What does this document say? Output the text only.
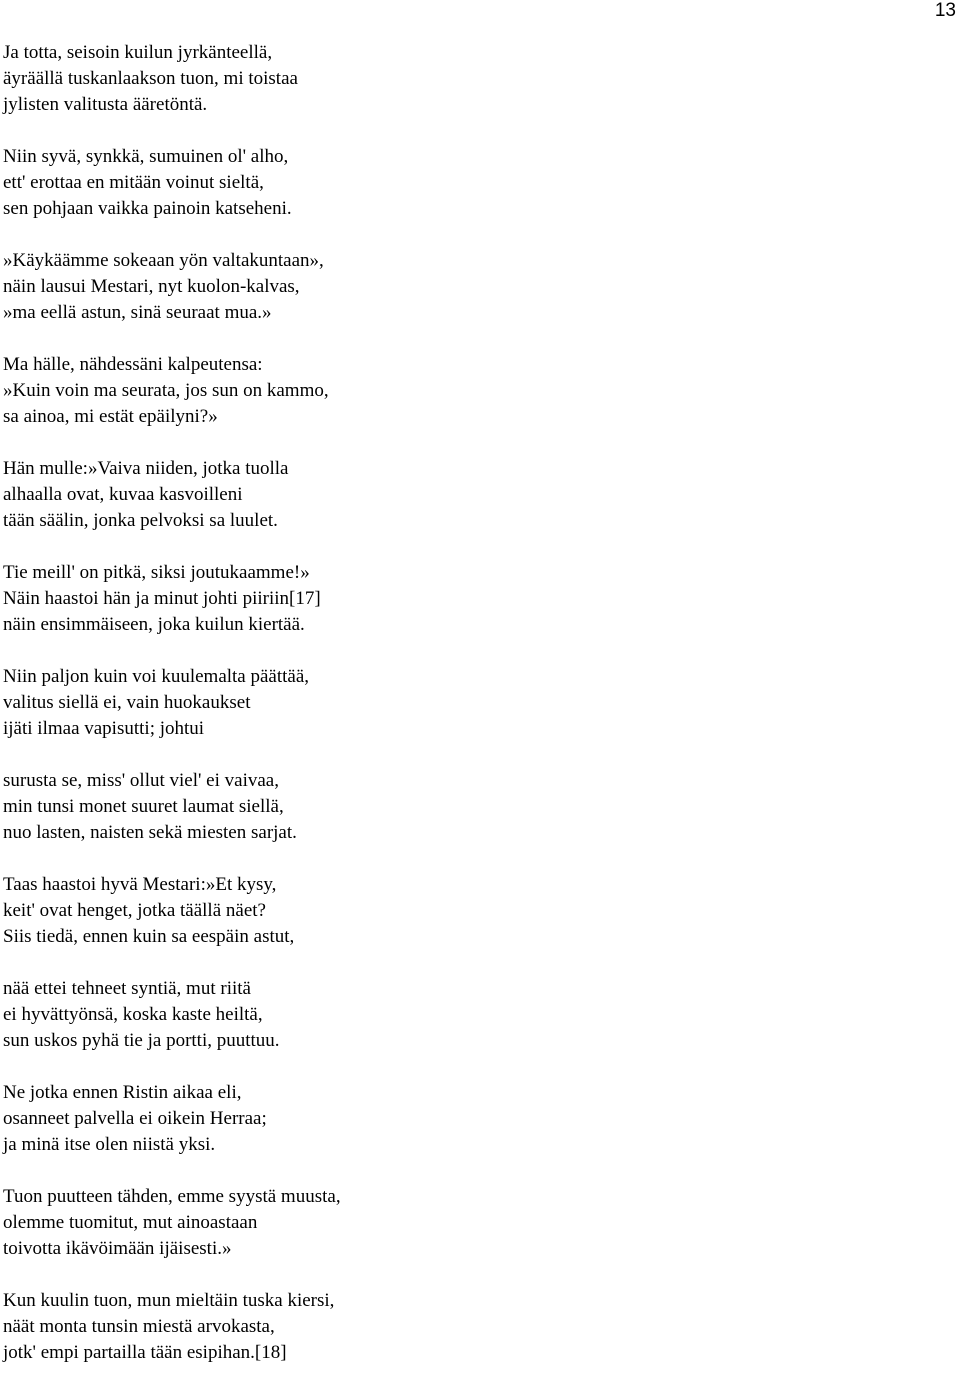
13
Ja totta, seisoin kuilun jyrkänteellä,
äyräällä tuskanlaakson tuon, mi toistaa
jylisten valitusta ääretöntä.
Niin syvä, synkkä, sumuinen ol' alho,
ett' erottaa en mitään voinut sieltä,
sen pohjaan vaikka painoin katseheni.
»Käykäämme sokeaan yön valtakuntaan»,
näin lausui Mestari, nyt kuolon-kalvas,
»ma eellä astun, sinä seuraat mua.»
Ma hälle, nähdessäni kalpeutensa:
»Kuin voin ma seurata, jos sun on kammo,
sa ainoa, mi estät epäilyni?»
Hän mulle:»Vaiva niiden, jotka tuolla
alhaalla ovat, kuvaa kasvoilleni
tään säälin, jonka pelvoksi sa luulet.
Tie meill' on pitkä, siksi joutukaamme!»
Näin haastoi hän ja minut johti piiriin[17]
näin ensimmäiseen, joka kuilun kiertää.
Niin paljon kuin voi kuulemalta päättää,
valitus siellä ei, vain huokaukset
ijäti ilmaa vapisutti; johtui
surusta se, miss' ollut viel' ei vaivaa,
min tunsi monet suuret laumat siellä,
nuo lasten, naisten sekä miesten sarjat.
Taas haastoi hyvä Mestari:»Et kysy,
keit' ovat henget, jotka täällä näet?
Siis tiedä, ennen kuin sa eespäin astut,
nää ettei tehneet syntiä, mut riitä
ei hyvättyönsä, koska kaste heiltä,
sun uskos pyhä tie ja portti, puuttuu.
Ne jotka ennen Ristin aikaa eli,
osanneet palvella ei oikein Herraa;
ja minä itse olen niistä yksi.
Tuon puutteen tähden, emme syystä muusta,
olemme tuomitut, mut ainoastaan
toivotta ikävöimään ijäisesti.»
Kun kuulin tuon, mun mieltäin tuska kiersi,
näät monta tunsin miestä arvokasta,
jotk' empi partailla tään esipihan.[18]
